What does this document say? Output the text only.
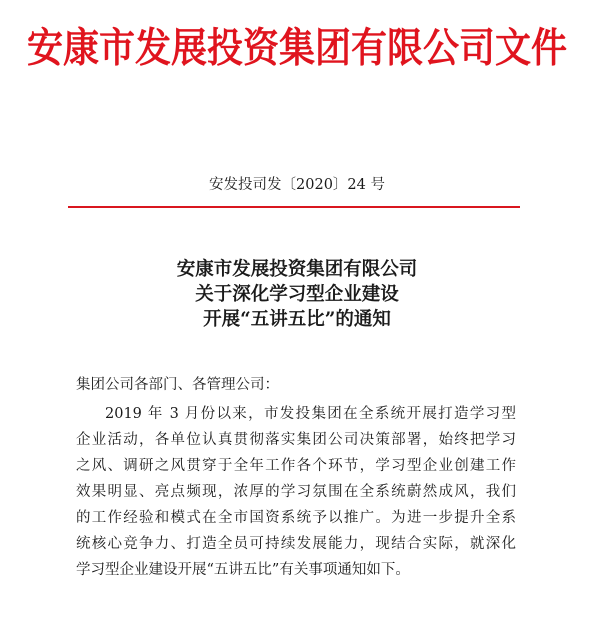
安康市发展投资集团有限公司文件
安发投司发〔2020〕24 号
安康市发展投资集团有限公司
关于深化学习型企业建设
开展“五讲五比”的通知
集团公司各部门、各管理公司：
2019 年 3 月份以来，市发投集团在全系统开展打造学习型
企业活动，各单位认真贯彻落实集团公司决策部署，始终把学习
之风、调研之风贯穿于全年工作各个环节，学习型企业创建工作
效果明显、亮点频现，浓厚的学习氛围在全系统蔚然成风，我们
的工作经验和模式在全市国资系统予以推广。为进一步提升全系
统核心竞争力、打造全员可持续发展能力，现结合实际，就深化
学习型企业建设开展“五讲五比”有关事项通知如下。
